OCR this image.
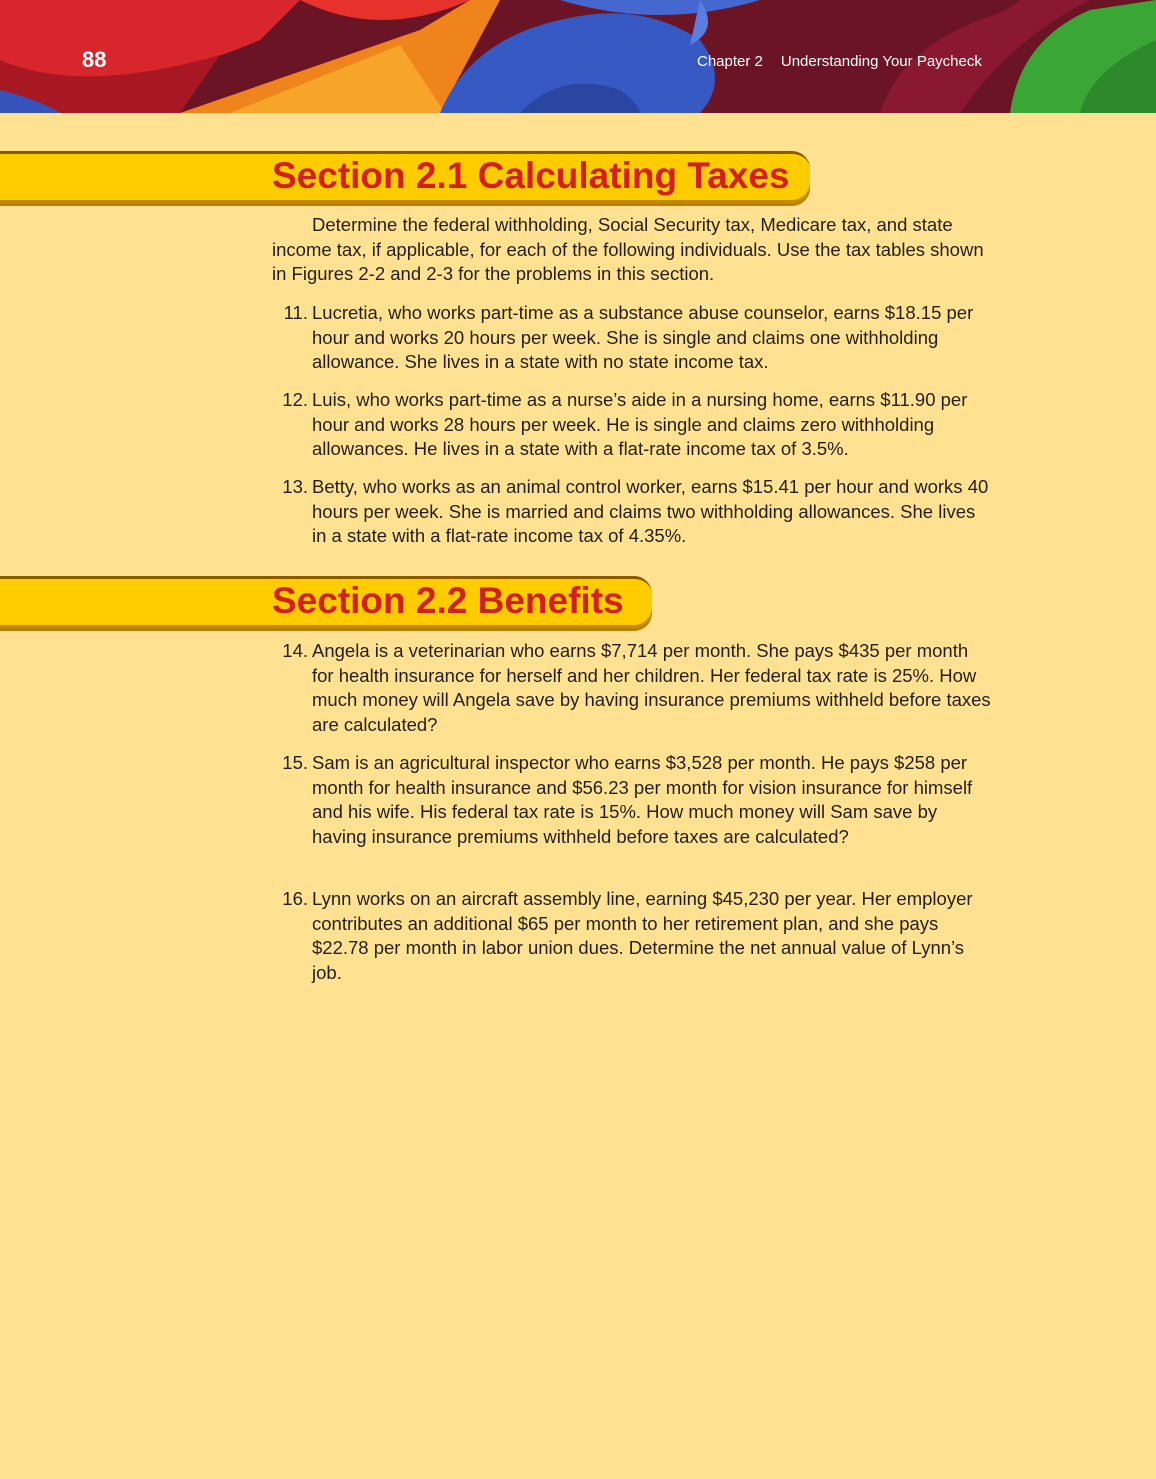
88	Chapter 2 Understanding Your Paycheck
Section 2.1 Calculating Taxes

Determine the federal withholding, Social Security tax, Medicare tax, and state income tax, if applicable, for each of the following individuals. Use the tax tables shown in Figures 2-2 and 2-3 for the problems in this section.

11. Lucretia, who works part-time as a substance abuse counselor, earns $18.15 per hour and works 20 hours per week. She is single and claims one withholding allowance. She lives in a state with no state income tax.
12. Luis, who works part-time as a nurse’s aide in a nursing home, earns $11.90 per hour and works 28 hours per week. He is single and claims zero withholding allowances. He lives in a state with a flat-rate income tax of 3.5%.
13. Betty, who works as an animal control worker, earns $15.41 per hour and works 40 hours per week. She is married and claims two withholding allowances. She lives in a state with a flat-rate income tax of 4.35%.
Section 2.2 Benefits
14. Angela is a veterinarian who earns $7,714 per month. She pays $435 per month for health insurance for herself and her children. Her federal tax rate is 25%. How much money will Angela save by having insurance premiums withheld before taxes are calculated?
15. Sam is an agricultural inspector who earns $3,528 per month. He pays $258 per month for health insurance and $56.23 per month for vision insurance for himself and his wife. His federal tax rate is 15%. How much money will Sam save by having insurance premiums withheld before taxes are calculated?
16. Lynn works on an aircraft assembly line, earning $45,230 per year. Her employer contributes an additional $65 per month to her retirement plan, and she pays $22.78 per month in labor union dues. Determine the net annual value of Lynn’s job.
